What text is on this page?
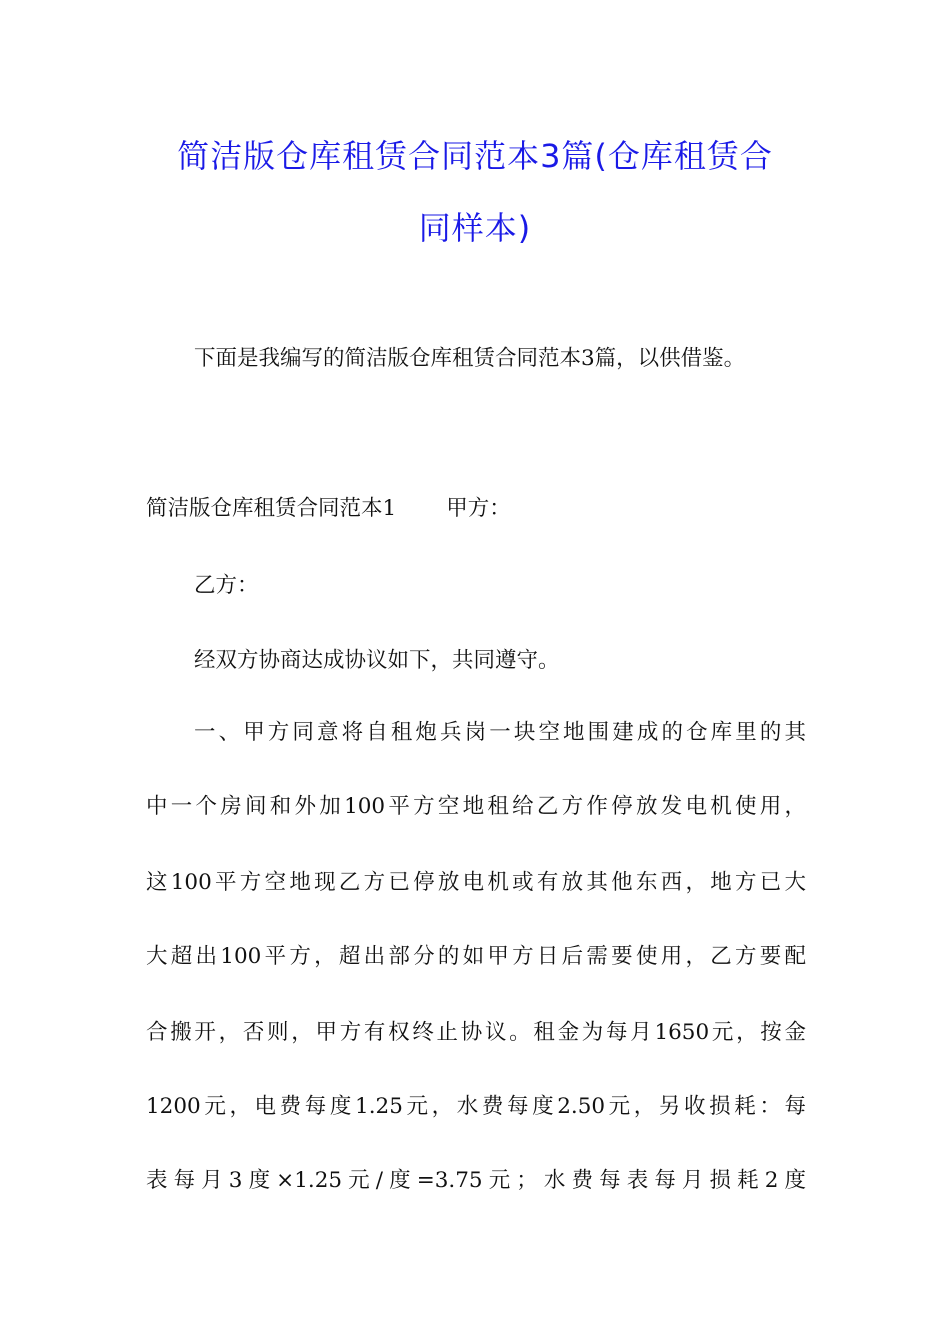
简洁版仓库租赁合同范本3篇(仓库租赁合
同样本)
下面是我编写的简洁版仓库租赁合同范本3篇，以供借鉴。
简洁版仓库租赁合同范本1 甲方：
乙方：
经双方协商达成协议如下，共同遵守。
一、甲方同意将自租炮兵岗一块空地围建成的仓库里的其
中一个房间和外加100平方空地租给乙方作停放发电机使用，
这100平方空地现乙方已停放电机或有放其他东西，地方已大
大超出100平方，超出部分的如甲方日后需要使用，乙方要配
合搬开，否则，甲方有权终止协议。租金为每月1650元，按金
1200元，电费每度1.25元，水费每度2.50元，另收损耗：每
表每月3度×1.25元/度=3.75元；水费每表每月损耗2度
